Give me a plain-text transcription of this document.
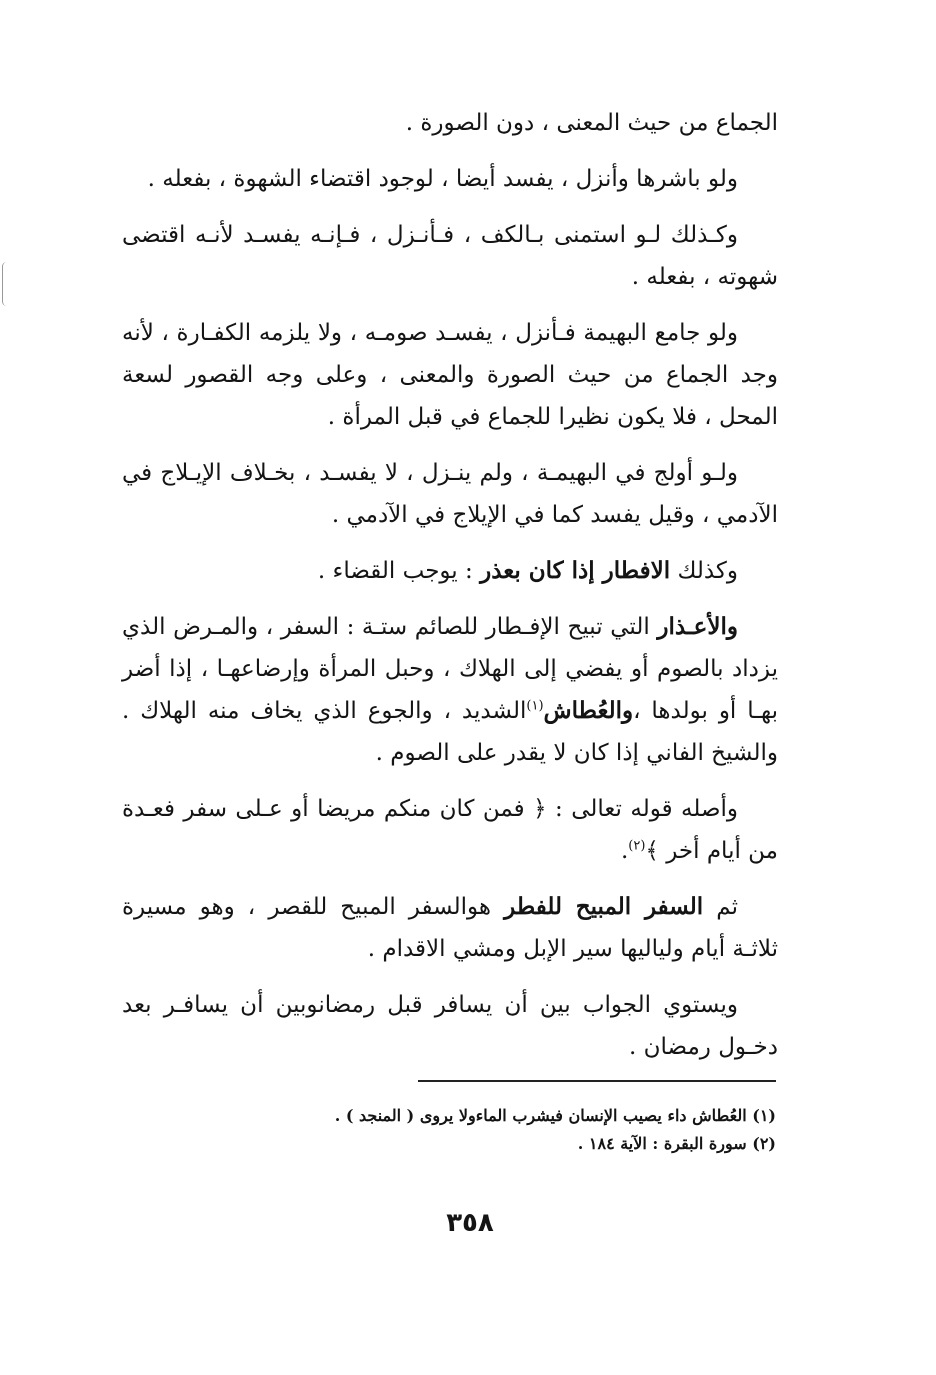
الجماع من حيث المعنى ، دون الصورة .

ولو باشرها وأنزل ، يفسد أيضا ، لوجود اقتضاء الشهوة ، بفعله .

وكـذلك لـو استمنى بـالكف ، فـأنـزل ، فـإنـه يفسـد لأنـه اقتضى شهوته ، بفعله .

ولو جامع البهيمة فـأنزل ، يفسـد صومـه ، ولا يلزمه الكفـارة ، لأنه وجد الجماع من حيث الصورة والمعنى ، وعلى وجه القصور لسعة المحل ، فلا يكون نظيرا للجماع في قبل المرأة .

ولـو أولج في البهيمـة ، ولم ينـزل ، لا يفسـد ، بخـلاف الإيـلاج في الآدمي ، وقيل يفسد كما في الإيلاج في الآدمي .

وكذلك الافطار إذا كان بعذر : يوجب القضاء .

والأعـذار التي تبيح الإفـطار للصائم ستـة : السفر ، والمـرض الذي يزداد بالصوم أو يفضي إلى الهلاك ، وحبل المرأة وإرضاعهـا ، إذا أضر بهـا أو بولدها ،والعُطاش$^{(١)}$الشديد ، والجوع الذي يخاف منه الهلاك . والشيخ الفاني إذا كان لا يقدر على الصوم .

وأصله قوله تعالى : ﴿ فمن كان منكم مريضا أو عـلى سفر فعـدة من أيام أخر ﴾$^{(٢)}$.

ثم السفر المبيح للفطر هوالسفر المبيح للقصر ، وهو مسيرة ثلاثـة أيام ولياليها سير الإبل ومشي الاقدام .

ويستوي الجواب بين أن يسافر قبل رمضانوبين أن يسافـر بعد دخـول رمضان .

(١) العُطاش داء يصيب الإنسان فيشرب الماءولا يروى ( المنجد ) .

(٢) سورة البقرة : الآية ١٨٤ .

٣٥٨
